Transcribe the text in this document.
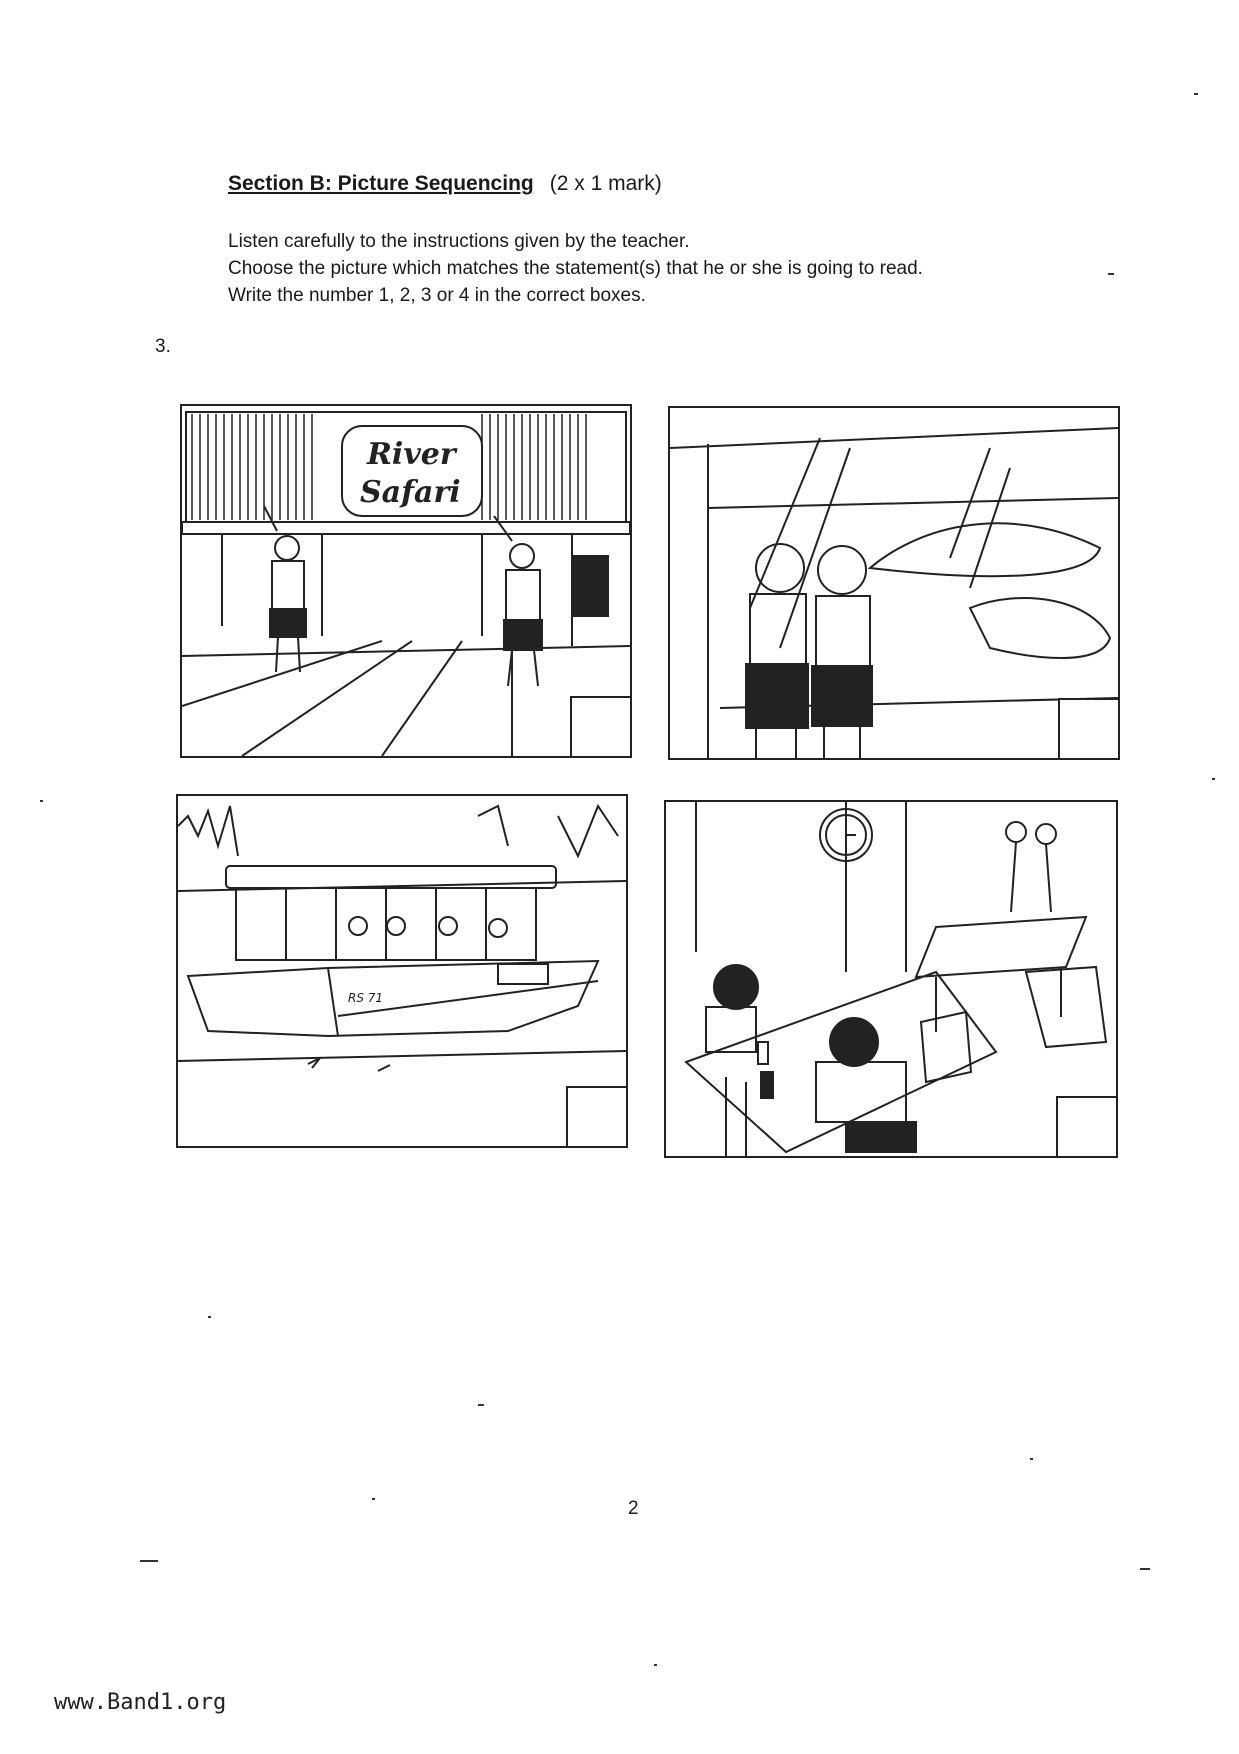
Section B: Picture Sequencing (2 x 1 mark)
Listen carefully to the instructions given by the teacher.
Choose the picture which matches the statement(s) that he or she is going to read.
Write the number 1, 2, 3 or 4 in the correct boxes.
3.
River
Safari
RS 71
2
www.Band1.org
